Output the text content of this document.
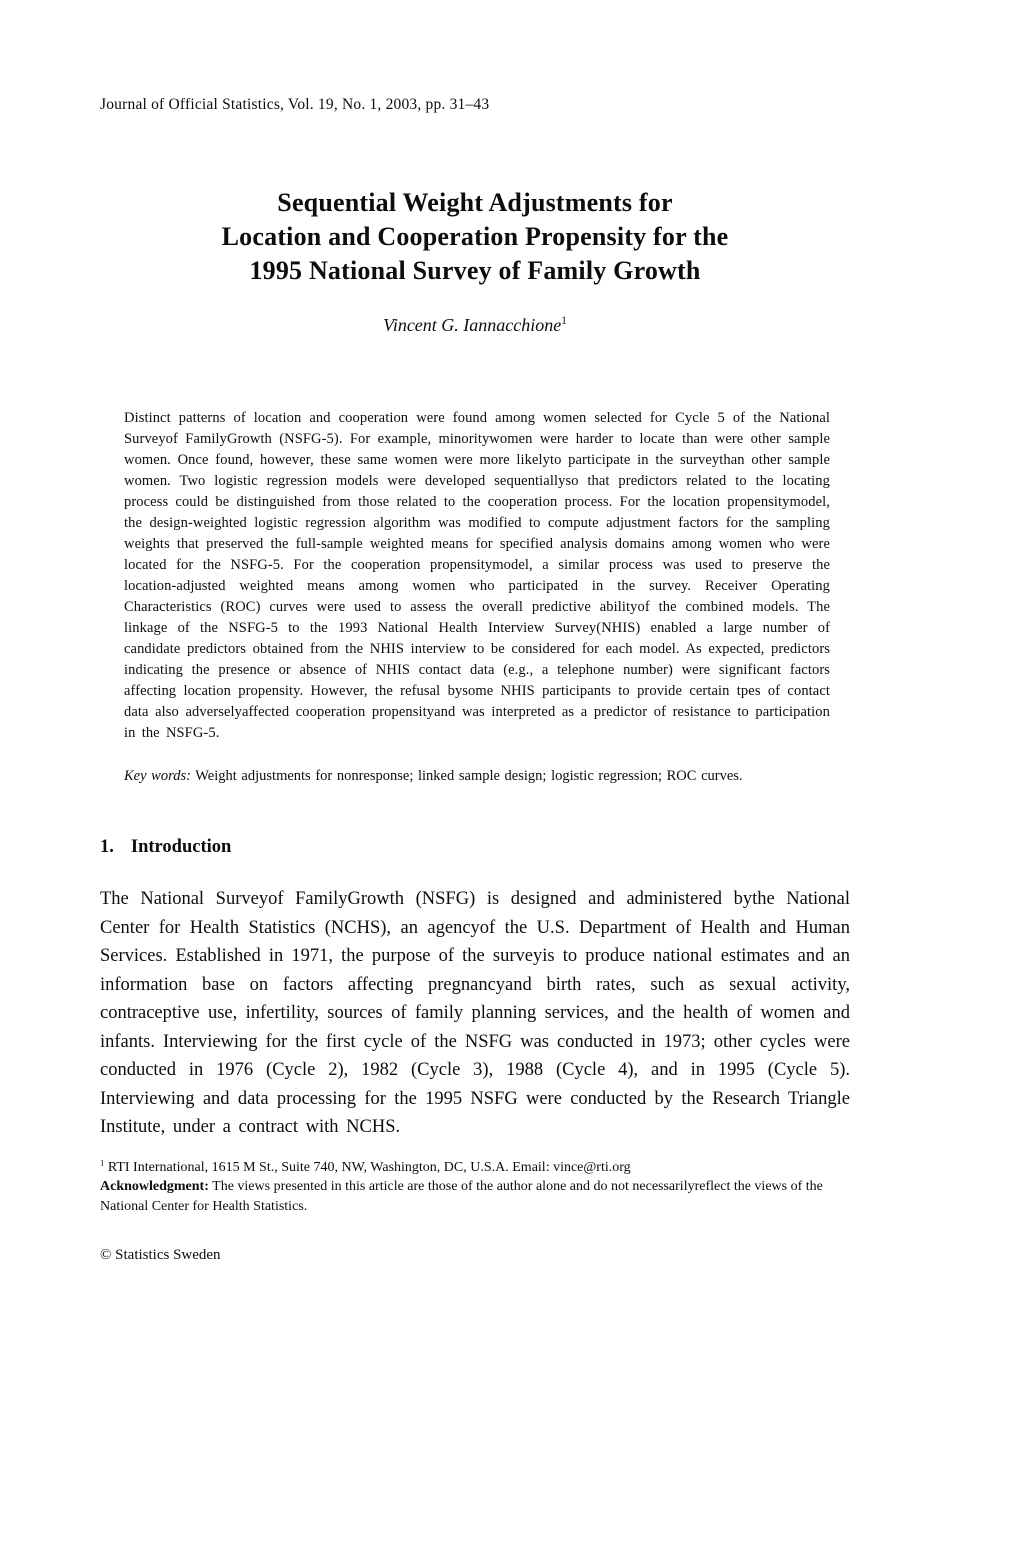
Journal of Official Statistics, Vol. 19, No. 1, 2003, pp. 31–43
Sequential Weight Adjustments for
Location and Cooperation Propensity for the
1995 National Survey of Family Growth
Vincent G. Iannacchione$^1$
Distinct patterns of location and cooperation were found among women selected for Cycle 5 of the National Surveyof FamilyGrowth (NSFG-5). For example, minoritywomen were harder to locate than were other sample women. Once found, however, these same women were more likelyto participate in the surveythan other sample women. Two logistic regression models were developed sequentiallyso that predictors related to the locating process could be distinguished from those related to the cooperation process. For the location propensitymodel, the design-weighted logistic regression algorithm was modified to compute adjustment factors for the sampling weights that preserved the full-sample weighted means for specified analysis domains among women who were located for the NSFG-5. For the cooperation propensitymodel, a similar process was used to preserve the location-adjusted weighted means among women who participated in the survey. Receiver Operating Characteristics (ROC) curves were used to assess the overall predictive abilityof the combined models. The linkage of the NSFG-5 to the 1993 National Health Interview Survey(NHIS) enabled a large number of candidate predictors obtained from the NHIS interview to be considered for each model. As expected, predictors indicating the presence or absence of NHIS contact data (e.g., a telephone number) were significant factors affecting location propensity. However, the refusal bysome NHIS participants to provide certain tpes of contact data also adverselyaffected cooperation propensityand was interpreted as a predictor of resistance to participation in the NSFG-5.
Key words: Weight adjustments for nonresponse; linked sample design; logistic regression; ROC curves.
1. Introduction
The National Surveyof FamilyGrowth (NSFG) is designed and administered bythe National Center for Health Statistics (NCHS), an agencyof the U.S. Department of Health and Human Services. Established in 1971, the purpose of the surveyis to produce national estimates and an information base on factors affecting pregnancyand birth rates, such as sexual activity, contraceptive use, infertility, sources of family planning services, and the health of women and infants. Interviewing for the first cycle of the NSFG was conducted in 1973; other cycles were conducted in 1976 (Cycle 2), 1982 (Cycle 3), 1988 (Cycle 4), and in 1995 (Cycle 5). Interviewing and data processing for the 1995 NSFG were conducted by the Research Triangle Institute, under a contract with NCHS.
$^1$ RTI International, 1615 M St., Suite 740, NW, Washington, DC, U.S.A. Email: vince@rti.org
Acknowledgment: The views presented in this article are those of the author alone and do not necessarilyreflect the views of the National Center for Health Statistics.
© Statistics Sweden
